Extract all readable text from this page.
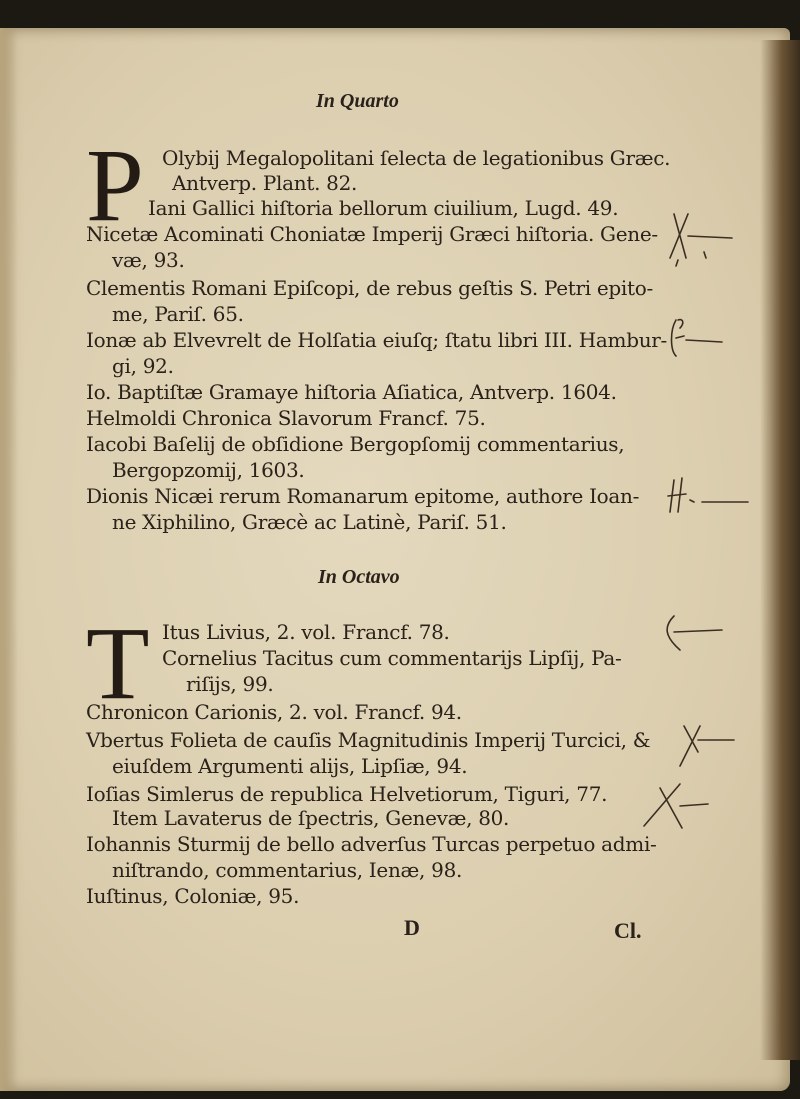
In Quarto
P Olybij Megalopolitani ſelecta de legationibus Græc.
Antverp. Plant. 82.
Iani Gallici hiſtoria bellorum ciuilium, Lugd. 49.
Nicetæ Acominati Choniatæ Imperij Græci hiſtoria. Gene-
væ, 93.
Clementis Romani Epiſcopi, de rebus geſtis S. Petri epito-
me, Pariſ. 65.
Ionæ ab Elvevrelt de Holſatia eiuſq; ſtatu libri III. Hambur-
gi, 92.
Io. Baptiſtæ Gramaye hiſtoria Aſiatica, Antverp. 1604.
Helmoldi Chronica Slavorum Francf. 75.
Iacobi Baſelij de obſidione Bergopſomij commentarius,
Bergopzomij, 1603.
Dionis Nicæi rerum Romanarum epitome, authore Ioan-
ne Xiphilino, Græcè ac Latinè, Pariſ. 51.
In Octavo
T Itus Livius, 2. vol. Francf. 78.
Cornelius Tacitus cum commentarijs Lipſij, Pa-
riſijs, 99.
Chronicon Carionis, 2. vol. Francf. 94.
Vbertus Folieta de cauſis Magnitudinis Imperij Turcici, &
eiuſdem Argumenti alijs, Lipſiæ, 94.
Ioſias Simlerus de republica Helvetiorum, Tiguri, 77.
Item Lavaterus de ſpectris, Genevæ, 80.
Iohannis Sturmij de bello adverſus Turcas perpetuo admi-
niſtrando, commentarius, Ienæ, 98.
Iuſtinus, Coloniæ, 95.
D	Cl.
